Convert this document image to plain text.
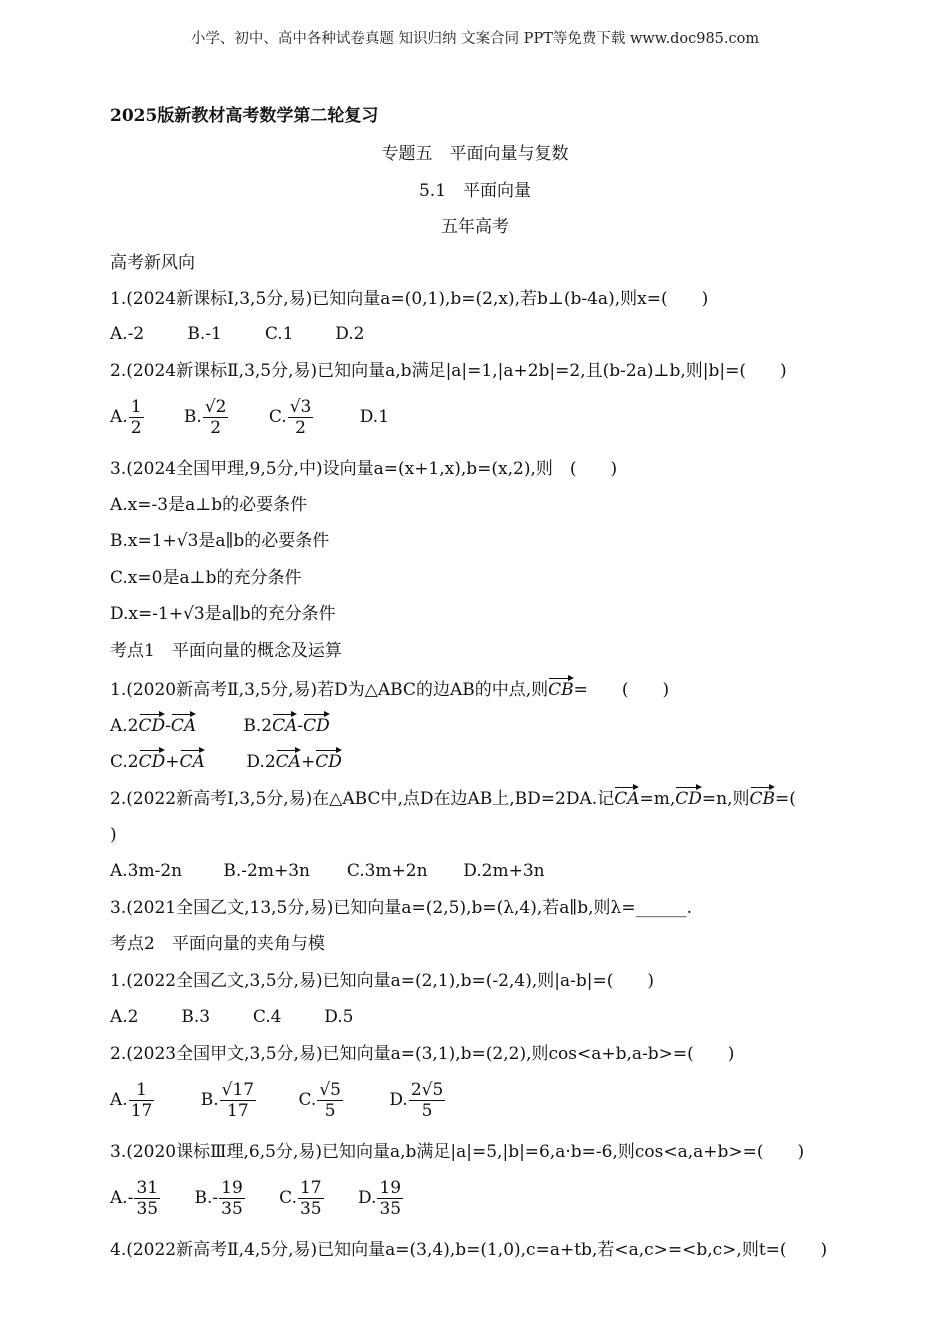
小学、初中、高中各种试卷真题 知识归纳 文案合同 PPT等免费下载 www.doc985.com
2025版新教材高考数学第二轮复习
专题五　平面向量与复数
5.1　平面向量
五年高考
高考新风向
1.(2024新课标Ⅰ,3,5分,易)已知向量a=(0,1),b=(2,x),若b⊥(b-4a),则x=(　　)
A.-2	B.-1	C.1 D.2
2.(2024新课标Ⅱ,3,5分,易)已知向量a,b满足|a|=1,|a+2b|=2,且(b-2a)⊥b,则|b|=(　　)
A. $\frac{1}{2} B$. $\frac{√2}{2} C$. $\frac{√3}{2}$	D.1
3.(2024全国甲理,9,5分,中)设向量a=(x+1,x),b=(x,2),则　(　　)
A.x=-3是a⊥b的必要条件
B.x=1+√3是a∥b的必要条件
C.x=0是a⊥b的充分条件
D.x=-1+√3是a∥b的充分条件
考点1　平面向量的概念及运算
1.(2020新高考Ⅱ,3,5分,易)若D为△ABC的边AB的中点,则CB=　　(　　)
A.2CD-CA	B.2CA-CD
C.2CD+CA D.2CA+CD
2.(2022新高考Ⅰ,3,5分,易)在△ABC中,点D在边AB上,BD=2DA.记CA=m,CD=n,则CB=(
)
A.3m-2n B.-2m+3n C.3m+2n D.2m+3n
3.(2021全国乙文,13,5分,易)已知向量a=(2,5),b=(λ,4),若a∥b,则λ=______.
考点2　平面向量的夹角与模
1.(2022全国乙文,3,5分,易)已知向量a=(2,1),b=(-2,4),则|a-b|=(　　)
A.2	B.3	C.4	D.5
2.(2023全国甲文,3,5分,易)已知向量a=(3,1),b=(2,2),则cos<a+b,a-b>=(　　)
A. $\frac{1}{17}$	B. $\frac{√17}{17} C$. $\frac{√5}{5}$	D. $\frac{2√5}{5}$
3.(2020课标Ⅲ理,6,5分,易)已知向量a,b满足|a|=5,|b|=6,a·b=-6,则cos<a,a+b>=(　　)
$A.- \frac{31}{35} B.- \frac{19}{35} C$. $\frac{17}{35} D$. $\frac{19}{35}$
4.(2022新高考Ⅱ,4,5分,易)已知向量a=(3,4),b=(1,0),c=a+tb,若<a,c>=<b,c>,则t=(　　)
